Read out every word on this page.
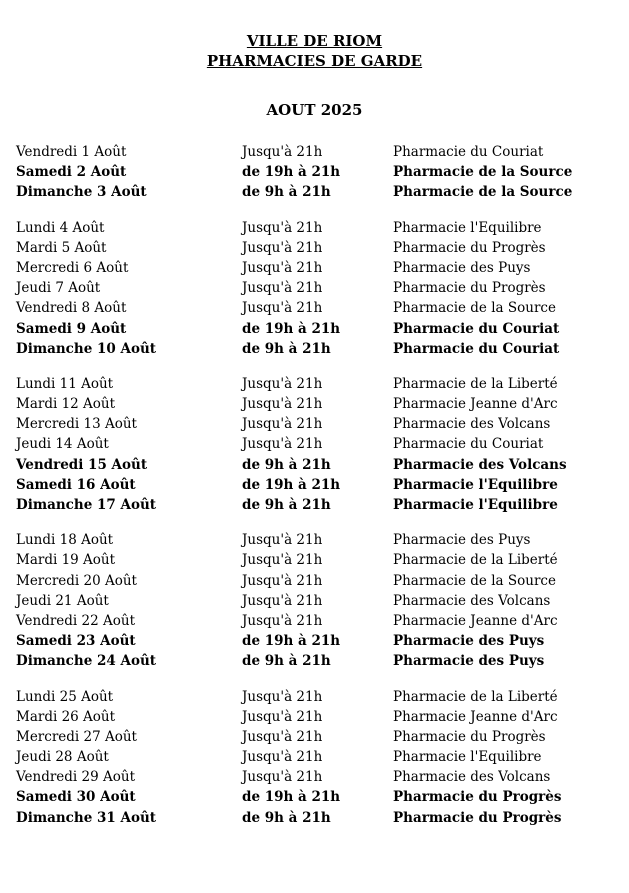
VILLE DE RIOM
PHARMACIES DE GARDE
AOUT 2025
Vendredi 1 Août	Jusqu'à 21h	Pharmacie du Couriat
Samedi 2 Août	de 19h à 21h	Pharmacie de la Source
Dimanche 3 Août	de 9h à 21h	Pharmacie de la Source
Lundi 4 Août	Jusqu'à 21h	Pharmacie l'Equilibre
Mardi 5 Août	Jusqu'à 21h	Pharmacie du Progrès
Mercredi 6 Août	Jusqu'à 21h	Pharmacie des Puys
Jeudi 7 Août	Jusqu'à 21h	Pharmacie du Progrès
Vendredi 8 Août	Jusqu'à 21h	Pharmacie de la Source
Samedi 9 Août	de 19h à 21h	Pharmacie du Couriat
Dimanche 10 Août	de 9h à 21h	Pharmacie du Couriat
Lundi 11 Août	Jusqu'à 21h	Pharmacie de la Liberté
Mardi 12 Août	Jusqu'à 21h	Pharmacie Jeanne d'Arc
Mercredi 13 Août	Jusqu'à 21h	Pharmacie des Volcans
Jeudi 14 Août	Jusqu'à 21h	Pharmacie du Couriat
Vendredi 15 Août	de 9h à 21h	Pharmacie des Volcans
Samedi 16 Août	de 19h à 21h	Pharmacie l'Equilibre
Dimanche 17 Août	de 9h à 21h	Pharmacie l'Equilibre
Lundi 18 Août	Jusqu'à 21h	Pharmacie des Puys
Mardi 19 Août	Jusqu'à 21h	Pharmacie de la Liberté
Mercredi 20 Août	Jusqu'à 21h	Pharmacie de la Source
Jeudi 21 Août	Jusqu'à 21h	Pharmacie des Volcans
Vendredi 22 Août	Jusqu'à 21h	Pharmacie Jeanne d'Arc
Samedi 23 Août	de 19h à 21h	Pharmacie des Puys
Dimanche 24 Août	de 9h à 21h	Pharmacie des Puys
Lundi 25 Août	Jusqu'à 21h	Pharmacie de la Liberté
Mardi 26 Août	Jusqu'à 21h	Pharmacie Jeanne d'Arc
Mercredi 27 Août	Jusqu'à 21h	Pharmacie du Progrès
Jeudi 28 Août	Jusqu'à 21h	Pharmacie l'Equilibre
Vendredi 29 Août	Jusqu'à 21h	Pharmacie des Volcans
Samedi 30 Août	de 19h à 21h	Pharmacie du Progrès
Dimanche 31 Août	de 9h à 21h	Pharmacie du Progrès
